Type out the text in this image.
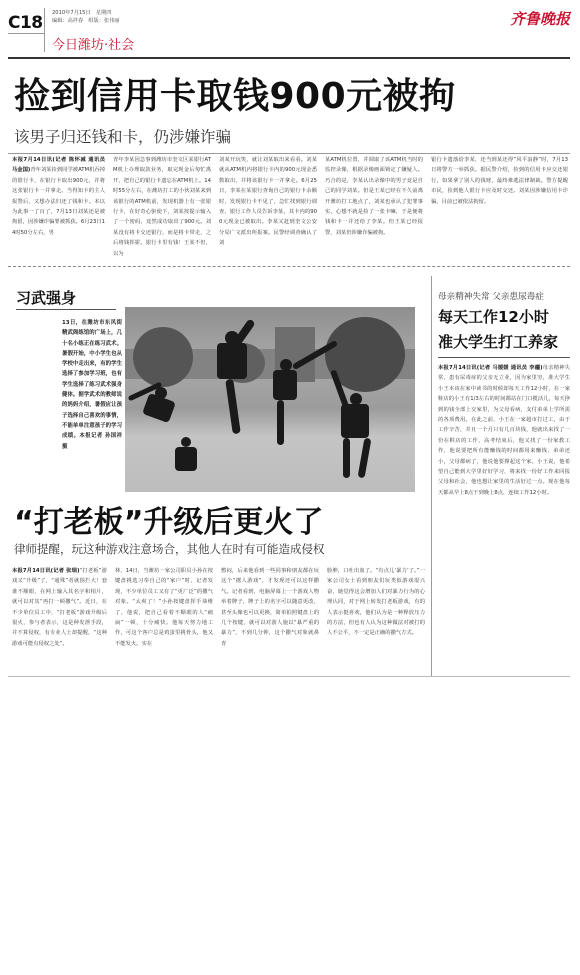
C18 2010年7月15日　星期四
编辑：高祥春　组版：张伟丽
今日潍坊·社会
齐鲁晚报
捡到信用卡取钱900元被拘
该男子归还钱和卡，仍涉嫌诈骗
本报7月14日讯(记者 陈怀减 通讯员 马金国)青年刘某捡到同学被ATM机吞掉的银行卡，在银行卡取出900元，并将这张银行卡一并拿走。当得知卡的主人报警后，又想办法归还了钱和卡。本以为此事一了百了，7月13日刘某还是被拘留，因涉嫌诈骗罪被抓获。6月23日14时50分左右，男
青年李某因急事到潍坊市奎文区某银行ATM机上办理取款业务，取完现金后匆忙离开，把自己的银行卡遗忘在ATM机上。14时55分左右，在潍坊打工的小伙刘某来到该银行的ATM机前，发现机器上有一张银行卡，在好奇心驱使下，刘某按提示输入了一个密码，竟然成功取出了900元。刘某没有将卡交还银行，而是将卡带走，之后将钱挥霍。银行卡里有钱！王某不但，以为
刘某开玩笑，就让刘某取出来看看。刘某就从ATM机内将银行卡内的900元现金悉数取出，并将该银行卡一并拿走。6月25日，李某在某银行查询自己的银行卡余额时，发现银行卡不见了，急忙找到银行调查，银行工作人员告诉李某，其卡内的900元现金已被取出。李某又赶到奎文公安分局广文派出所报案。民警经调查确认了刘
某ATM机位置，并调取了该ATM机当时的监控录像，根据录像画面锁定了嫌疑人。巧合的是，李某认出录像中的男子竟是自己的同学刘某。但是王某已经在不久前离开潍坊打工地点了，刘某也承认了犯罪事实，心想不就是捡了一张卡嘛，于是便将钱和卡一并还给了李某。但王某已经报警，刘某仍涉嫌诈骗被拘。
银行卡遗落给李某，还当到某还得”风平浪静”时，7月13日将警方一举抓获。据民警介绍，捡到的信用卡应交还银行，如果拿了别人的钱财，最终难逃法律制裁。警方提醒市民，捡到他人银行卡应及时交还。刘某因涉嫌信用卡诈骗，目前已被依法拘留。
习武强身
13日，在潍坊市东风街精武阁练馆的广场上，几十名小练正在练习武术。暑假开始，中小学生也从学校中走出来，有的学生选择了参加学习班，也有学生选择了练习武术强身健体。据学武术的教师说的妈妈介绍，暑假应让孩子选择自己喜欢的事情，不能单单注意孩子的学习成绩。本报记者 孙国祥 摄
“打老板”升级后更火了
律师提醒，玩这种游戏注意场合，其他人在时有可能造成侵权
本报7月14日讯(记者 张瑞)“打老板”游戏又“升级”了，“通殊”者就围拦大！套谁不顺眼，在网上输入其名字和相片，就可以对其“再打一顿撒气”。近日，在不少单位员工中，“打老板”游戏升级后很火，参与者表示，这是种发泄手段，并不算侵权，有专业人士却提醒，“这种游戏可能有侵权之处”。
林，14日，当潍坊一家公司职员小孙在按键盘挑选习奉自己的“家户”时，记者发现，不少单位员工又有了“更广泛”的撒气对象。“太爽了！”小孙按键盘挥手恭维了，他说，把自己看着不顺眼的人“痛扁”一顿，十分痛快。他每天努力地工作，可这个客户总是鸡蛋里挑骨头，他又不能发火。实在
憋闷，后来他看到一些同事和朋友都在玩这个“撂人游戏”，才发现还可以这样撒气。记者看到，电脑屏幕上一个游戏人物举着牌子，牌子上的名字可以随意更改，甚至头像也可以更换，简单拍照键盘上的几个按键，就可以对游人施以“暴严重的暴力”，不到几分钟，这个撒气对象就鼻青
脸肿，口吐出血了。“有点儿‘暴力’了。”一家公司女士看到朋友们玩类似游戏很兴奋，她觉得这会增加人们对暴力行为的心理认同，对于网上转发打老板游戏，有的人表示挺喜欢，他们认为是一种释放压力的方法，但也有人认为这种做法对被打的人不公平，不一定是正确的撒气方式。
母亲精神失常 父亲患尿毒症
每天工作12小时
准大学生打工养家
本报7月14日讯(记者 马媛媛 通讯员 李疆)母亲精神失常，患有尿毒症的父亲无立业，因为家里穷，准大学生小王本该在家中读书的时候却每天工作12小时，在一家鞋店的小王有1/3左右的时间都站在门口揽活儿，每天挣到的钱全部上交家里，为父母看病，支付弟弟上学所需的各项费用。在此之前，小王在一家超市打过工，由于工作辛苦，并且一个月只有几百块钱，他就出来找了一份在鞋店的工作，高考结束后，他又找了一份家教工作，他说要把所有能赚钱的时间都用来赚钱，弟弟还小，父母都病了，他说他要撑起这个家。小王说，他希望自己能到大学里好好学习，将来找一份好工作来回报父母和社会，他也想让家里的生活好过一点。现在他每天都从早上8点干到晚上8点，连续工作12小时。
